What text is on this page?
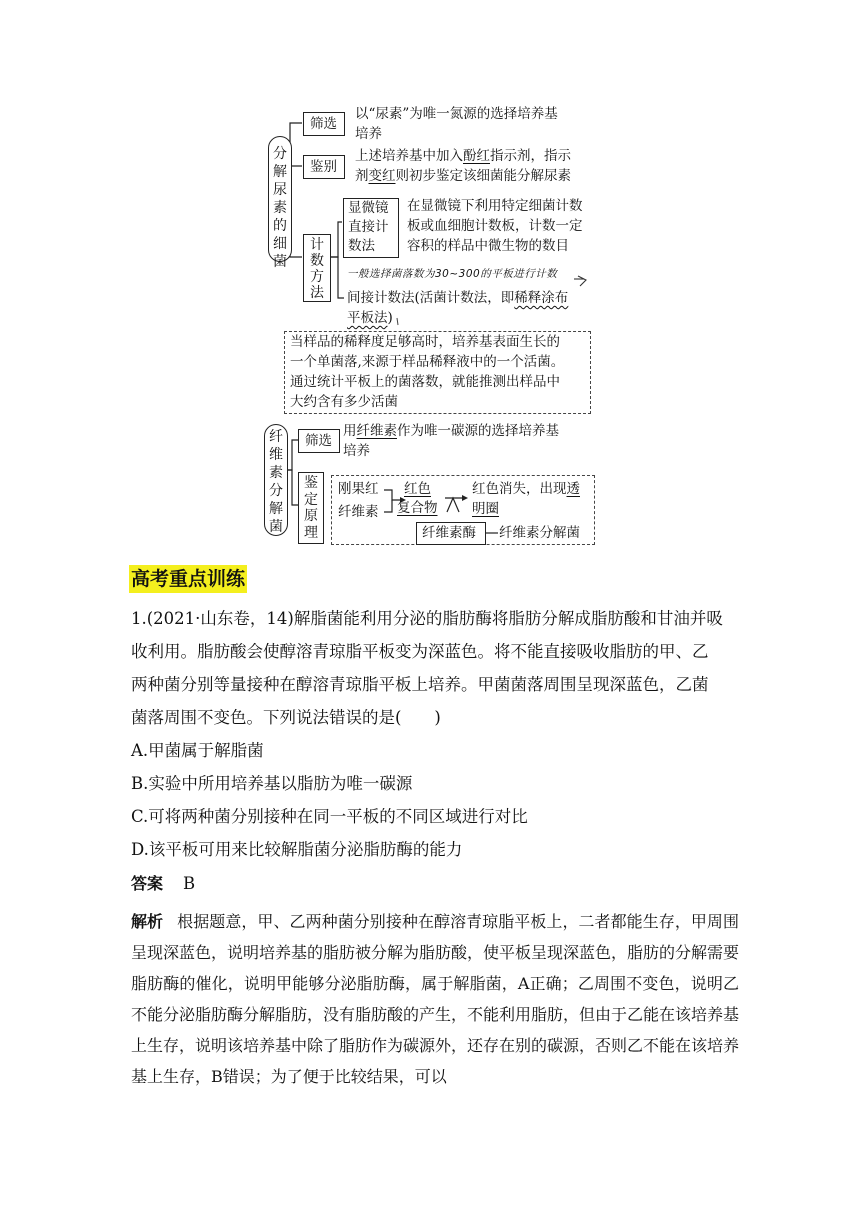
分解尿素的细菌
筛选
以“尿素”为唯一氮源的选择培养基
培养
鉴别
上述培养基中加入酚红指示剂，指示
剂变红则初步鉴定该细菌能分解尿素
计数方法
显微镜直接计数法
在显微镜下利用特定细菌计数
板或血细胞计数板，计数一定
容积的样品中微生物的数目
一般选择菌落数为30~300的平板进行计数
间接计数法(活菌计数法，即稀释涂布
平板法)
当样品的稀释度足够高时，培养基表面生长的
一个单菌落,来源于样品稀释液中的一个活菌。
通过统计平板上的菌落数，就能推测出样品中
大约含有多少活菌
纤维素分解菌
筛选
用纤维素作为唯一碳源的选择培养基
培养
鉴定原理
刚果红
纤维素
红色
复合物
红色消失，出现透
明圈
纤维素酶 纤维素分解菌
高考重点训练
1.(2021·山东卷，14)解脂菌能利用分泌的脂肪酶将脂肪分解成脂肪酸和甘油并吸
收利用。脂肪酸会使醇溶青琼脂平板变为深蓝色。将不能直接吸收脂肪的甲、乙
两种菌分别等量接种在醇溶青琼脂平板上培养。甲菌菌落周围呈现深蓝色，乙菌
菌落周围不变色。下列说法错误的是(　　)
A.甲菌属于解脂菌
B.实验中所用培养基以脂肪为唯一碳源
C.可将两种菌分别接种在同一平板的不同区域进行对比
D.该平板可用来比较解脂菌分泌脂肪酶的能力
答案 B
解析 根据题意，甲、乙两种菌分别接种在醇溶青琼脂平板上，二者都能生存，甲周围呈现深蓝色，说明培养基的脂肪被分解为脂肪酸，使平板呈现深蓝色，脂肪的分解需要脂肪酶的催化，说明甲能够分泌脂肪酶，属于解脂菌，A正确；乙周围不变色，说明乙不能分泌脂肪酶分解脂肪，没有脂肪酸的产生，不能利用脂肪，但由于乙能在该培养基上生存，说明该培养基中除了脂肪作为碳源外，还存在别的碳源，否则乙不能在该培养基上生存，B错误；为了便于比较结果，可以
